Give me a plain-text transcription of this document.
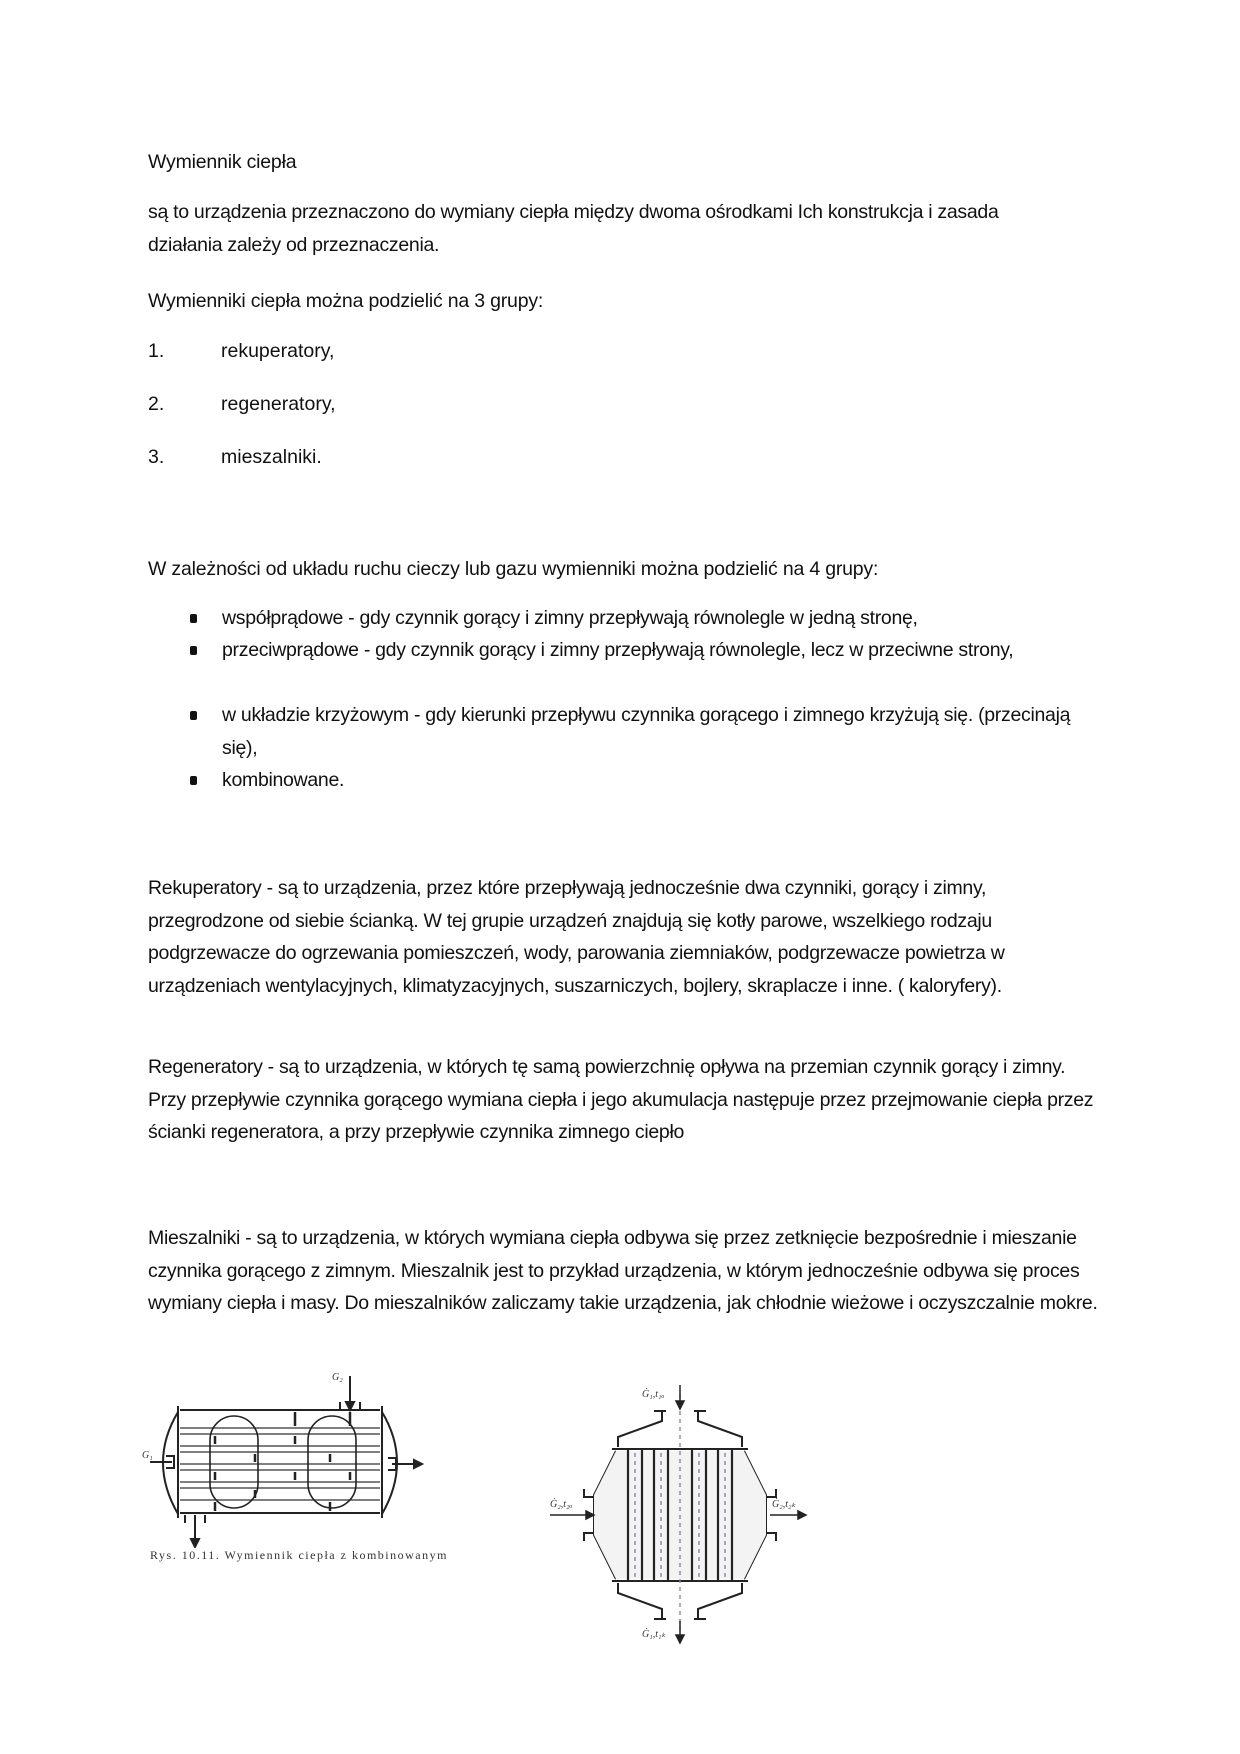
Wymiennik ciepła

są to urządzenia przeznaczono do wymiany ciepła między dwoma ośrodkami Ich konstrukcja i zasada działania zależy od przeznaczenia.

Wymienniki ciepła można podzielić na 3 grupy:

1.	rekuperatory,
2.	regeneratory,
3.	mieszalniki.

W zależności od układu ruchu cieczy lub gazu wymienniki można podzielić na 4 grupy:

współprądowe - gdy czynnik gorący i zimny przepływają równolegle w jedną stronę,

przeciwprądowe - gdy czynnik gorący i zimny przepływają równolegle, lecz w przeciwne strony,

w układzie krzyżowym - gdy kierunki przepływu czynnika gorącego i zimnego krzyżują się. (przecinają się),

kombinowane.

Rekuperatory - są to urządzenia, przez które przepływają jednocześnie dwa czynniki, gorący i zimny, przegrodzone od siebie ścianką. W tej grupie urządzeń znajdują się kotły parowe, wszelkiego rodzaju podgrzewacze do ogrzewania pomieszczeń, wody, parowania ziemniaków, podgrzewacze powietrza w urządzeniach wentylacyjnych, klimatyzacyjnych, suszarniczych, bojlery, skraplacze i inne. ( kaloryfery).

Regeneratory - są to urządzenia, w których tę samą powierzchnię opływa na przemian czynnik gorący i zimny. Przy przepływie czynnika gorącego wymiana ciepła i jego akumulacja następuje przez przejmowanie ciepła przez ścianki regeneratora, a przy przepływie czynnika zimnego ciepło

Mieszalniki - są to urządzenia, w których wymiana ciepła odbywa się przez zetknięcie bezpośrednie i mieszanie czynnika gorącego z zimnym. Mieszalnik jest to przykład urządzenia, w którym jednocześnie odbywa się proces wymiany ciepła i masy. Do mieszalników zaliczamy takie urządzenia, jak chłodnie wieżowe i oczyszczalnie mokre.

G₁
G₂
Rys. 10.11. Wymiennik ciepła z kombinowanym
Ġ₁,t₁ₒ
Ġ₂,t₂ₒ	Ġ₂,t₂ₖ
Ġ₁,t₁ₖ
